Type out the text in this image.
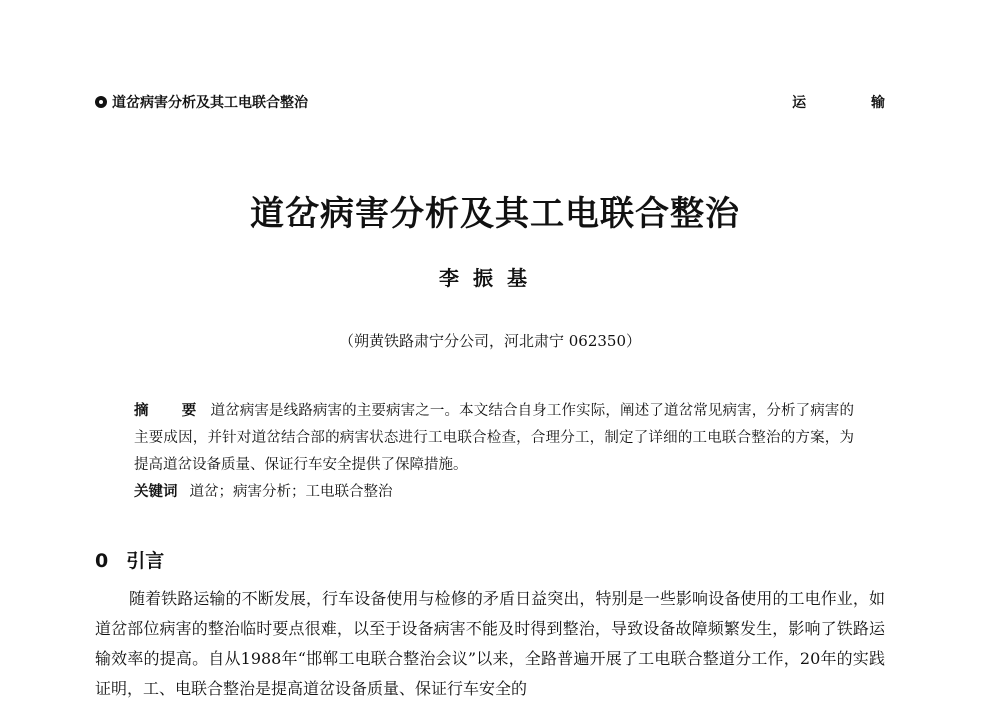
道岔病害分析及其工电联合整治	运 输
道岔病害分析及其工电联合整治
李振基
（朔黄铁路肃宁分公司，河北肃宁 062350）
摘 要道岔病害是线路病害的主要病害之一。本文结合自身工作实际，阐述了道岔常见病害，分析了病害的主要成因，并针对道岔结合部的病害状态进行工电联合检查，合理分工，制定了详细的工电联合整治的方案，为提高道岔设备质量、保证行车安全提供了保障措施。
关键词 道岔；病害分析；工电联合整治
0 引言
随着铁路运输的不断发展，行车设备使用与检修的矛盾日益突出，特别是一些影响设备使用的工电作业，如道岔部位病害的整治临时要点很难，以至于设备病害不能及时得到整治，导致设备故障频繁发生，影响了铁路运输效率的提高。自从1988年“邯郸工电联合整治会议”以来，全路普遍开展了工电联合整道分工作，20年的实践证明，工、电联合整治是提高道岔设备质量、保证行车安全的
